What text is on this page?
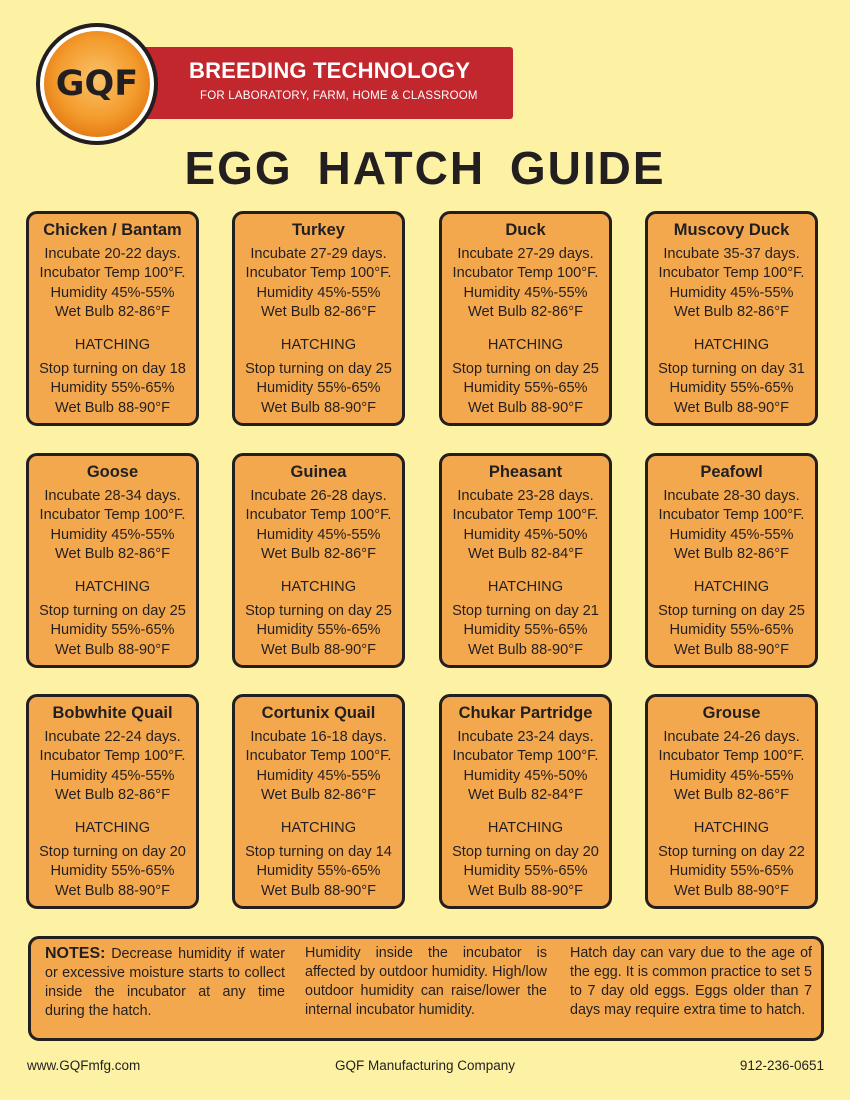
BREEDING TECHNOLOGY
FOR LABORATORY, FARM, HOME & CLASSROOM
GQF
EGG HATCH GUIDE
Chicken / Bantam
Incubate 20-22 days.
Incubator Temp 100°F.
Humidity 45%-55%
Wet Bulb 82-86°F
HATCHING
Stop turning on day 18
Humidity 55%-65%
Wet Bulb 88-90°F
Turkey
Incubate 27-29 days.
Incubator Temp 100°F.
Humidity 45%-55%
Wet Bulb 82-86°F
HATCHING
Stop turning on day 25
Humidity 55%-65%
Wet Bulb 88-90°F
Duck
Incubate 27-29 days.
Incubator Temp 100°F.
Humidity 45%-55%
Wet Bulb 82-86°F
HATCHING
Stop turning on day 25
Humidity 55%-65%
Wet Bulb 88-90°F
Muscovy Duck
Incubate 35-37 days.
Incubator Temp 100°F.
Humidity 45%-55%
Wet Bulb 82-86°F
HATCHING
Stop turning on day 31
Humidity 55%-65%
Wet Bulb 88-90°F
Goose
Incubate 28-34 days.
Incubator Temp 100°F.
Humidity 45%-55%
Wet Bulb 82-86°F
HATCHING
Stop turning on day 25
Humidity 55%-65%
Wet Bulb 88-90°F
Guinea
Incubate 26-28 days.
Incubator Temp 100°F.
Humidity 45%-55%
Wet Bulb 82-86°F
HATCHING
Stop turning on day 25
Humidity 55%-65%
Wet Bulb 88-90°F
Pheasant
Incubate 23-28 days.
Incubator Temp 100°F.
Humidity 45%-50%
Wet Bulb 82-84°F
HATCHING
Stop turning on day 21
Humidity 55%-65%
Wet Bulb 88-90°F
Peafowl
Incubate 28-30 days.
Incubator Temp 100°F.
Humidity 45%-55%
Wet Bulb 82-86°F
HATCHING
Stop turning on day 25
Humidity 55%-65%
Wet Bulb 88-90°F
Bobwhite Quail
Incubate 22-24 days.
Incubator Temp 100°F.
Humidity 45%-55%
Wet Bulb 82-86°F
HATCHING
Stop turning on day 20
Humidity 55%-65%
Wet Bulb 88-90°F
Cortunix Quail
Incubate 16-18 days.
Incubator Temp 100°F.
Humidity 45%-55%
Wet Bulb 82-86°F
HATCHING
Stop turning on day 14
Humidity 55%-65%
Wet Bulb 88-90°F
Chukar Partridge
Incubate 23-24 days.
Incubator Temp 100°F.
Humidity 45%-50%
Wet Bulb 82-84°F
HATCHING
Stop turning on day 20
Humidity 55%-65%
Wet Bulb 88-90°F
Grouse
Incubate 24-26 days.
Incubator Temp 100°F.
Humidity 45%-55%
Wet Bulb 82-86°F
HATCHING
Stop turning on day 22
Humidity 55%-65%
Wet Bulb 88-90°F
NOTES: Decrease humidity if water or excessive moisture starts to collect inside the incubator at any time during the hatch.
Humidity inside the incubator is affected by outdoor humidity. High/low outdoor humidity can raise/lower the internal incubator humidity.
Hatch day can vary due to the age of the egg. It is common practice to set 5 to 7 day old eggs. Eggs older than 7 days may require extra time to hatch.
www.GQFmfg.com	GQF Manufacturing Company	912-236-0651
